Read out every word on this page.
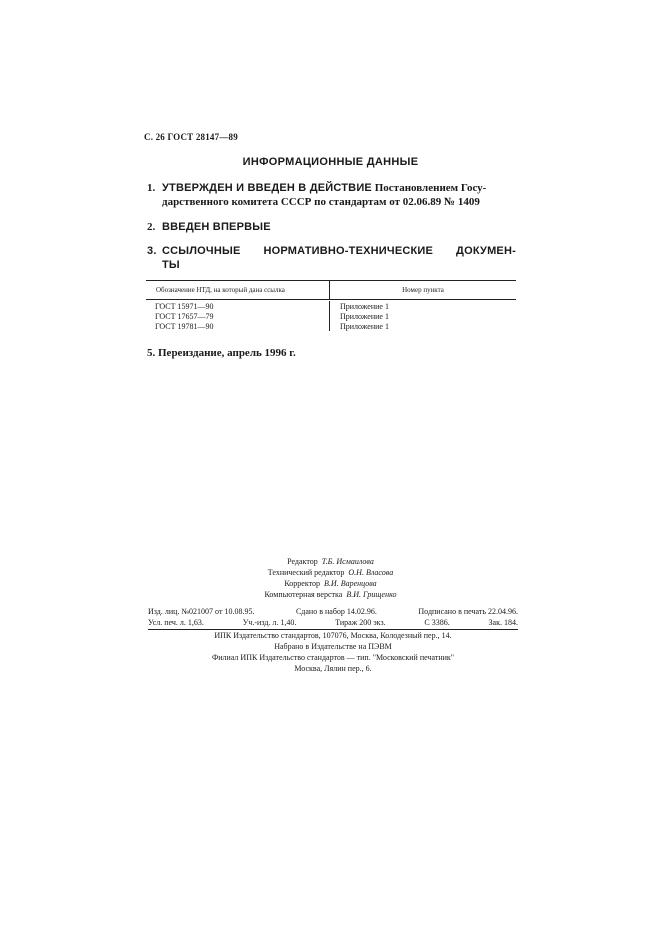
С. 26 ГОСТ 28147—89
ИНФОРМАЦИОННЫЕ ДАННЫЕ
1. УТВЕРЖДЕН И ВВЕДЕН В ДЕЙСТВИЕ Постановлением Госу-
дарственного комитета СССР по стандартам от 02.06.89 № 1409
2. ВВЕДЕН ВПЕРВЫЕ
3. ССЫЛОЧНЫЕ НОРМАТИВНО-ТЕХНИЧЕСКИЕ ДОКУМЕН-
ТЫ
Обозначение НТД, на который дана ссылка	Номер пункта
ГОСТ 15971—90	Приложение 1
ГОСТ 17657—79	Приложение 1
ГОСТ 19781—90	Приложение 1
5. Переиздание, апрель 1996 г.
Редактор Т.Б. Исмаилова
Технический редактор О.Н. Власова
Корректор В.И. Варенцова
Компьютерная верстка В.И. Грищенко
Изд. лиц. №021007 от 10.08.95.	Сдано в набор 14.02.96.	Подписано в печать 22.04.96.
Усл. печ. л. 1,63.	Уч.-изд. л. 1,40.	Тираж 200 экз.	С 3386.	Зак. 184.
ИПК Издательство стандартов, 107076, Москва, Колодезный пер., 14.
Набрано в Издательстве на ПЭВМ
Филиал ИПК Издательство стандартов — тип. "Московский печатник"
Москва, Лялин пер., 6.
